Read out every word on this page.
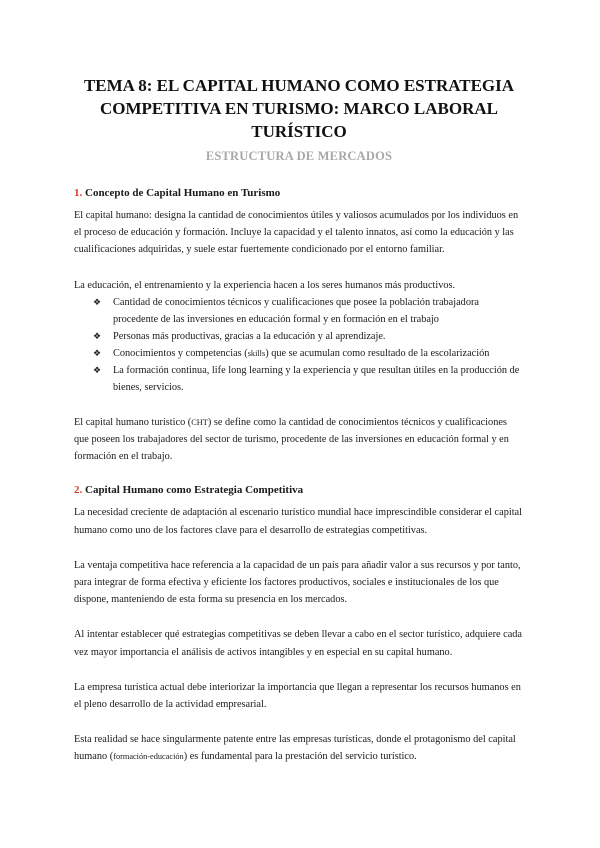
TEMA 8: EL CAPITAL HUMANO COMO ESTRATEGIA
COMPETITIVA EN TURISMO: MARCO LABORAL
TURÍSTICO
ESTRUCTURA DE MERCADOS
1. Concepto de Capital Humano en Turismo

El capital humano: designa la cantidad de conocimientos útiles y valiosos acumulados por los individuos en el proceso de educación y formación. Incluye la capacidad y el talento innatos, así como la educación y las cualificaciones adquiridas, y suele estar fuertemente condicionado por el entorno familiar.

La educación, el entrenamiento y la experiencia hacen a los seres humanos más productivos.

❖ Cantidad de conocimientos técnicos y cualificaciones que posee la población trabajadora procedente de las inversiones en educación formal y en formación en el trabajo
❖ Personas más productivas, gracias a la educación y al aprendizaje.
❖ Conocimientos y competencias (skills) que se acumulan como resultado de la escolarización
❖ La formación continua, life long learning y la experiencia y que resultan útiles en la producción de bienes, servicios.

El capital humano turístico (CHT) se define como la cantidad de conocimientos técnicos y cualificaciones que poseen los trabajadores del sector de turismo, procedente de las inversiones en educación formal y en formación en el trabajo.

2. Capital Humano como Estrategia Competitiva

La necesidad creciente de adaptación al escenario turístico mundial hace imprescindible considerar el capital humano como uno de los factores clave para el desarrollo de estrategias competitivas.

La ventaja competitiva hace referencia a la capacidad de un país para añadir valor a sus recursos y por tanto, para integrar de forma efectiva y eficiente los factores productivos, sociales e institucionales de los que dispone, manteniendo de esta forma su presencia en los mercados.

Al intentar establecer qué estrategias competitivas se deben llevar a cabo en el sector turístico, adquiere cada vez mayor importancia el análisis de activos intangibles y en especial en su capital humano.

La empresa turística actual debe interiorizar la importancia que llegan a representar los recursos humanos en el pleno desarrollo de la actividad empresarial.

Esta realidad se hace singularmente patente entre las empresas turísticas, donde el protagonismo del capital humano (formación-educación) es fundamental para la prestación del servicio turístico.
